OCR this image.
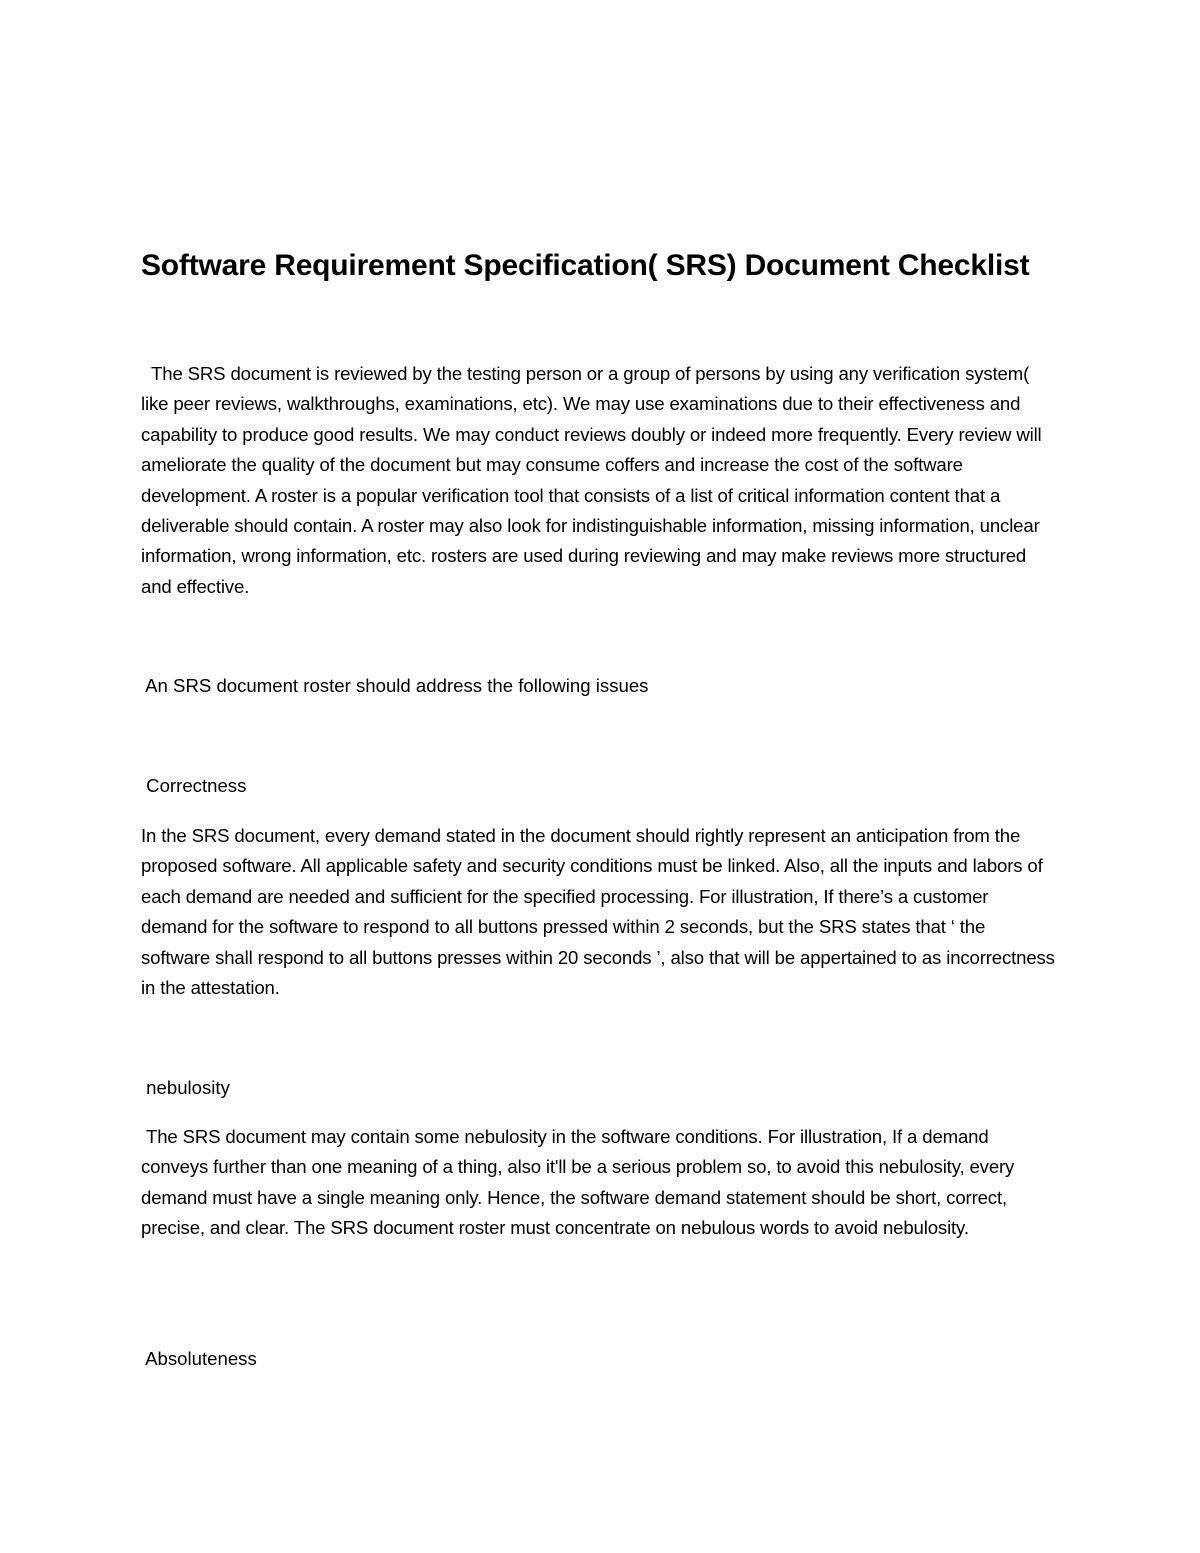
Software Requirement Specification( SRS) Document Checklist

The SRS document is reviewed by the testing person or a group of persons by using any verification system( like peer reviews, walkthroughs, examinations, etc). We may use examinations due to their effectiveness and capability to produce good results. We may conduct reviews doubly or indeed more frequently. Every review will ameliorate the quality of the document but may consume coffers and increase the cost of the software development. A roster is a popular verification tool that consists of a list of critical information content that a deliverable should contain. A roster may also look for indistinguishable information, missing information, unclear information, wrong information, etc. rosters are used during reviewing and may make reviews more structured and effective.

An SRS document roster should address the following issues

Correctness

In the SRS document, every demand stated in the document should rightly represent an anticipation from the proposed software. All applicable safety and security conditions must be linked. Also, all the inputs and labors of each demand are needed and sufficient for the specified processing. For illustration, If there’s a customer demand for the software to respond to all buttons pressed within 2 seconds, but the SRS states that ‘ the software shall respond to all buttons presses within 20 seconds ’, also that will be appertained to as incorrectness in the attestation.

nebulosity

The SRS document may contain some nebulosity in the software conditions. For illustration, If a demand conveys further than one meaning of a thing, also it'll be a serious problem so, to avoid this nebulosity, every demand must have a single meaning only. Hence, the software demand statement should be short, correct, precise, and clear. The SRS document roster must concentrate on nebulous words to avoid nebulosity.

Absoluteness
